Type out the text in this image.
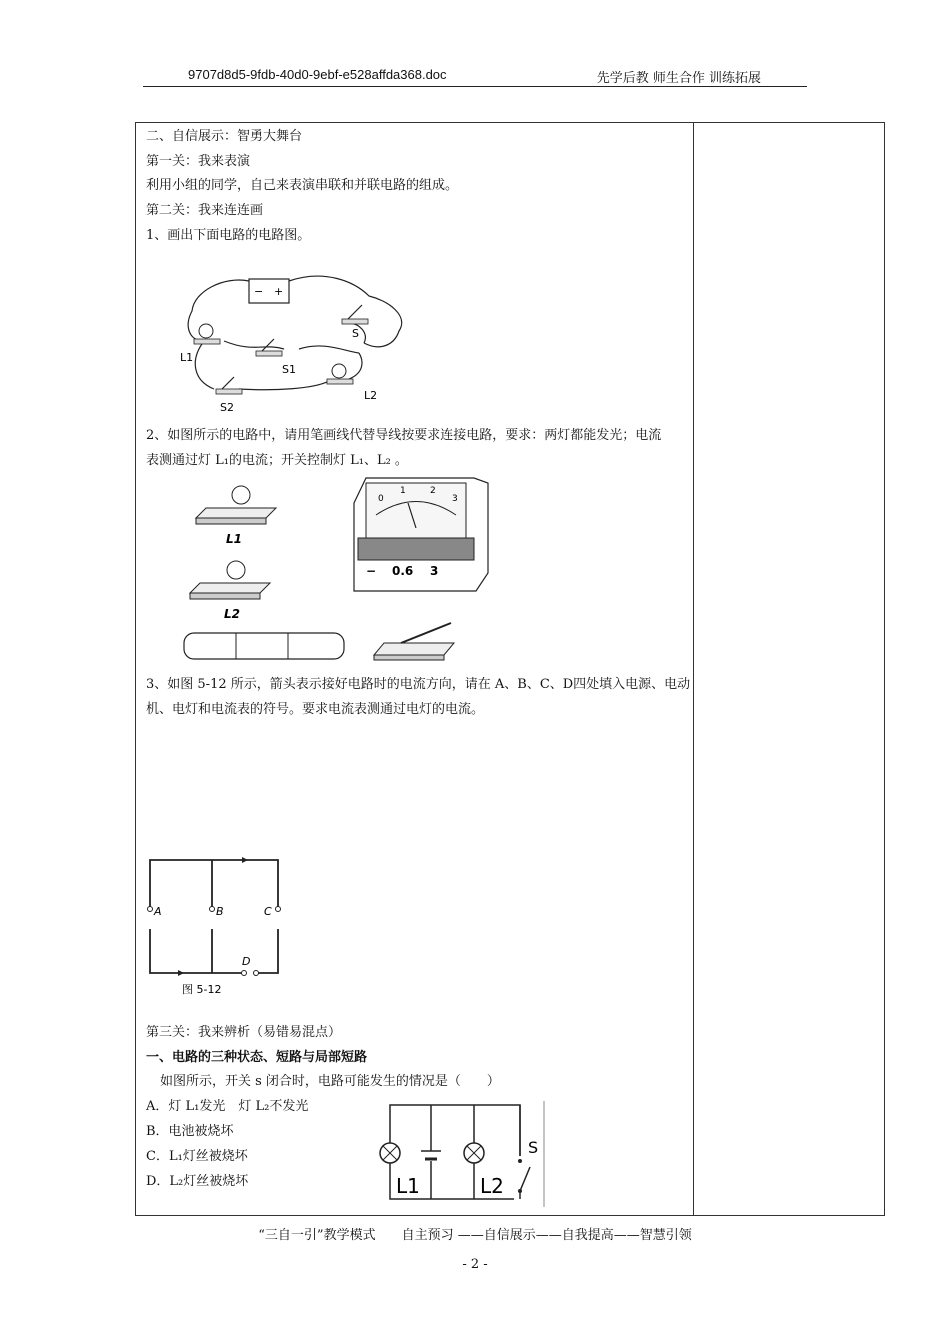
9707d8d5-9fdb-40d0-9ebf-e528affda368.doc	先学后教 师生合作 训练拓展
二、自信展示：智勇大舞台
第一关：我来表演
利用小组的同学，自己来表演串联和并联电路的组成。
第二关：我来连连画
1、画出下面电路的电路图。
− +
L1
S1
S2
L2
S
2、如图所示的电路中，请用笔画线代替导线按要求连接电路，要求：两灯都能发光；电流
表测通过灯 L₁的电流；开关控制灯 L₁、L₂ 。
L1
L2
0
1	2
3
− 0.6 3
3、如图 5-12 所示，箭头表示接好电路时的电流方向，请在 A、B、C、D四处填入电源、电动
机、电灯和电流表的符号。要求电流表测通过电灯的电流。
A	B	C
D
图 5-12
第三关：我来辨析（易错易混点）
一、电路的三种状态、短路与局部短路
如图所示，开关 s 闭合时，电路可能发生的情况是（　　）
A．灯 L₁发光　灯 L₂不发光
B．电池被烧坏
C．L₁灯丝被烧坏
D．L₂灯丝被烧坏	L1	L2
S
“三自一引”教学模式　　自主预习 ——自信展示——自我提高——智慧引领
- 2 -
